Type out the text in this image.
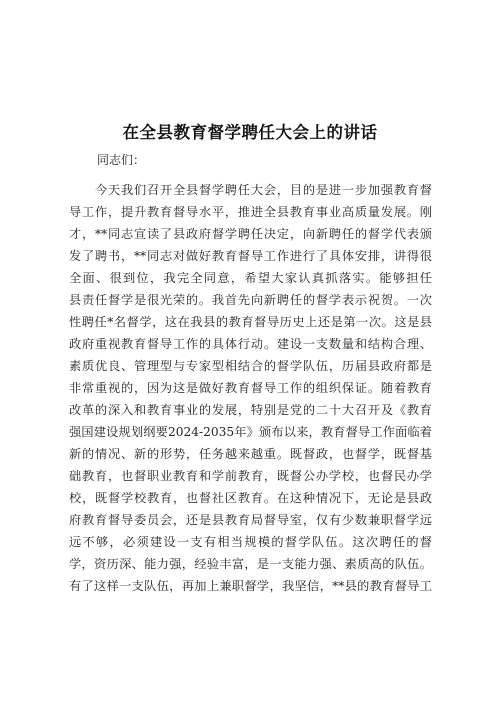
在全县教育督学聘任大会上的讲话
同志们：
今天我们召开全县督学聘任大会，目的是进一步加强教育督
导工作，提升教育督导水平，推进全县教育事业高质量发展。刚
才，**同志宣读了县政府督学聘任决定，向新聘任的督学代表颁
发了聘书，**同志对做好教育督导工作进行了具体安排，讲得很
全面、很到位，我完全同意，希望大家认真抓落实。能够担任
县责任督学是很光荣的。我首先向新聘任的督学表示祝贺。一次
性聘任*名督学，这在我县的教育督导历史上还是第一次。这是县
政府重视教育督导工作的具体行动。建设一支数量和结构合理、
素质优良、管理型与专家型相结合的督学队伍，历届县政府都是
非常重视的，因为这是做好教育督导工作的组织保证。随着教育
改革的深入和教育事业的发展，特别是党的二十大召开及《教育
强国建设规划纲要2024-2035年》颁布以来，教育督导工作面临着
新的情况、新的形势，任务越来越重。既督政，也督学，既督基
础教育，也督职业教育和学前教育，既督公办学校，也督民办学
校，既督学校教育，也督社区教育。在这种情况下，无论是县政
府教育督导委员会，还是县教育局督导室，仅有少数兼职督学远
远不够，必须建设一支有相当规模的督学队伍。这次聘任的督
学，资历深、能力强，经验丰富，是一支能力强、素质高的队伍。
有了这样一支队伍，再加上兼职督学，我坚信，**县的教育督导工
